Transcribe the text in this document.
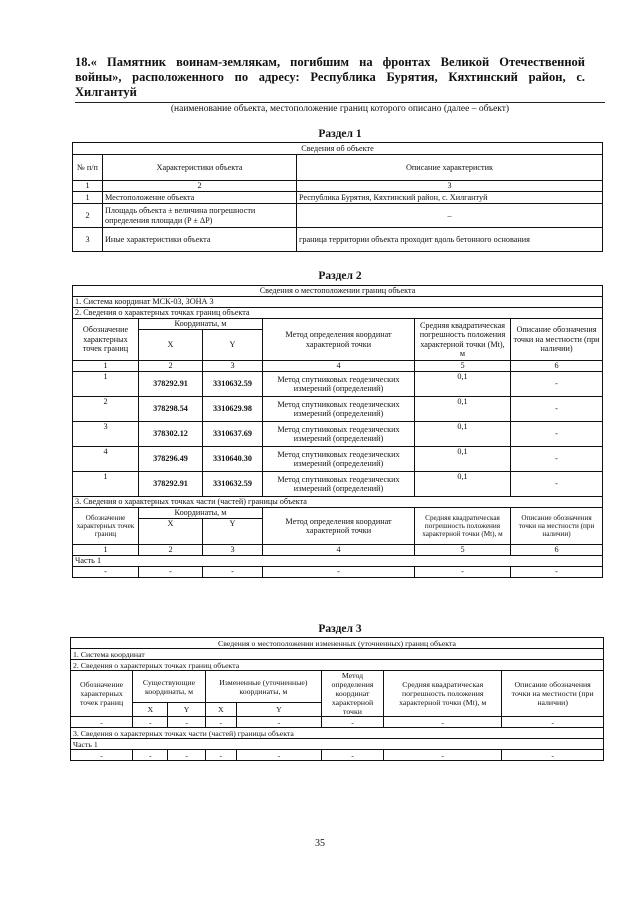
18.« Памятник воинам-землякам, погибшим на фронтах Великой Отечественной войны», расположенного по адресу: Республика Бурятия, Кяхтинский район, с. Хилгантуй
(наименование объекта, местоположение границ которого описано (далее – объект)
Раздел 1
Сведения об объекте		
№ п/п	Характеристики объекта	Описание характеристик
1	2	3
1	Местоположение объекта	Республика Бурятия, Кяхтинский район, с. Хилгантуй
2	Площадь объекта ± величина погрешности определения площади (P ± ΔP)	–
3	Иные характеристики объекта	граница территории объекта проходит вдоль бетонного основания
Раздел 2
Сведения о местоположении границ объекта					
1. Система координат МСК-03, ЗОНА 3					
2. Сведения о характерных точках границ объекта					
Обозначение характерных точек границ	Координаты, м		Метод определения координат характерной точки	Средняя квадратическая погрешность положения характерной точки (Mt), м	Описание обозначения точки на местности (при наличии)
	X	Y			
1	2	3	4	5	6
1	378292.91	3310632.59	Метод спутниковых геодезических измерений (определений)	0,1	-
2	378298.54	3310629.98	Метод спутниковых геодезических измерений (определений)	0,1	-
3	378302.12	3310637.69	Метод спутниковых геодезических измерений (определений)	0,1	-
4	378296.49	3310640.30	Метод спутниковых геодезических измерений (определений)	0,1	-
1	378292.91	3310632.59	Метод спутниковых геодезических измерений (определений)	0,1	-
3. Сведения о характерных точках части (частей) границы объекта					
Обозначение характерных точек границ	Координаты, м		Метод определения координат характерной точки	Средняя квадратическая погрешность положения характерной точки (Mt), м	Описание обозначения точки на местности (при наличии)
	X	Y			
1	2	3	4	5	6
Часть 1					
-	-	-	-	-	-
Раздел 3
Сведения о местоположении измененных (уточненных) границ объекта							
1. Система координат							
2. Сведения о характерных точках границ объекта							
Обозначение характерных точек границ	Существующие координаты, м		Измененные (уточненные) координаты, м		Метод определения координат характерной точки	Средняя квадратическая погрешность положения характерной точки (Mt), м	Описание обозначения точки на местности (при наличии)
	X	Y	X	Y			
-	-	-	-	-	-	-	-
3. Сведения о характерных точках части (частей) границы объекта							
Часть 1							
-	-	-	-	-	-	-	-
35
